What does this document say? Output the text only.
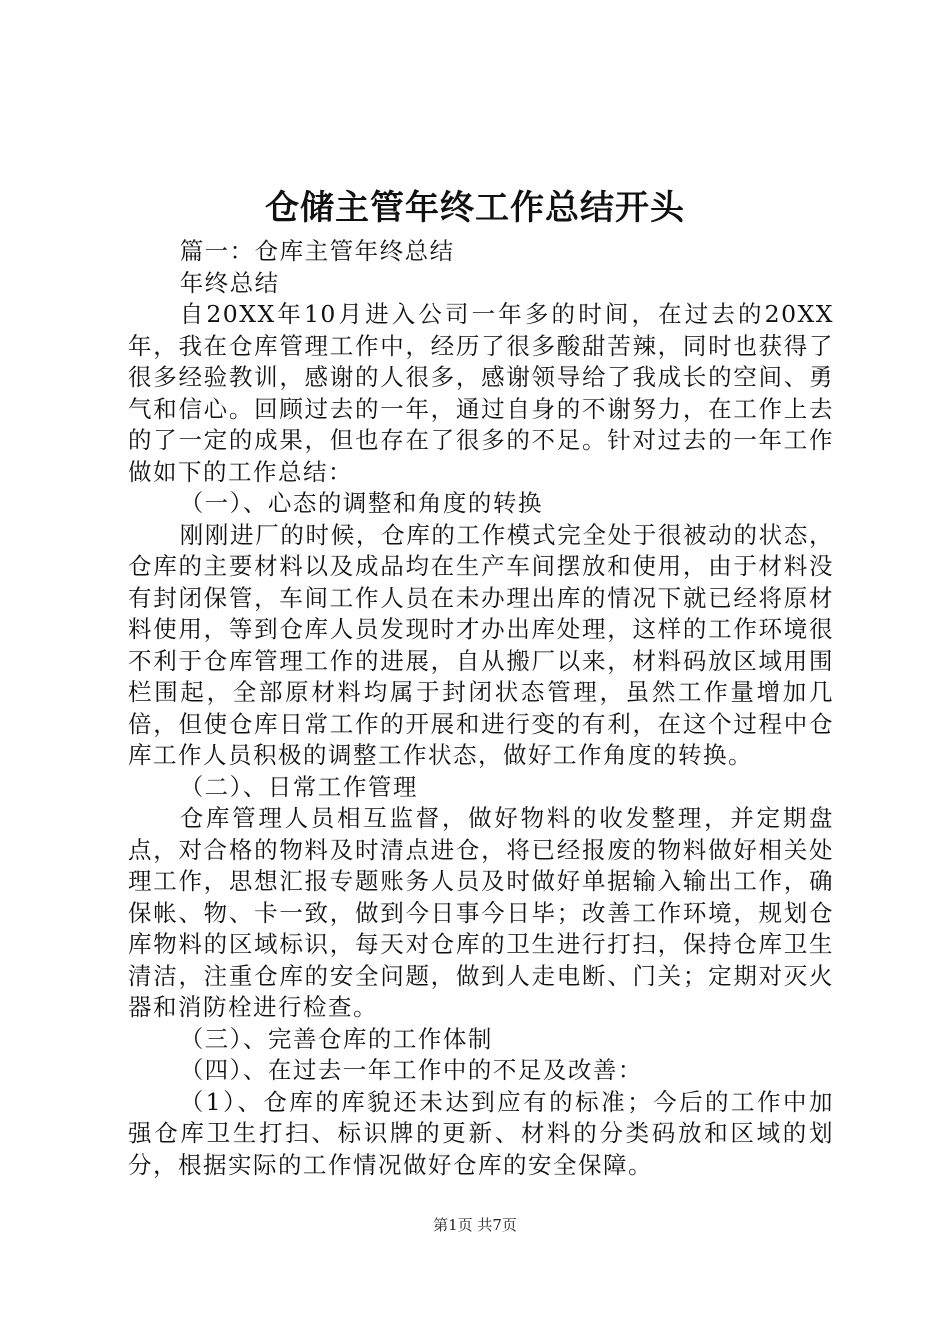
仓储主管年终工作总结开头

篇一：仓库主管年终总结

年终总结

自20XX年10月进入公司一年多的时间，在过去的20XX年，我在仓库管理工作中，经历了很多酸甜苦辣，同时也获得了很多经验教训，感谢的人很多，感谢领导给了我成长的空间、勇气和信心。回顾过去的一年，通过自身的不谢努力，在工作上去的了一定的成果，但也存在了很多的不足。针对过去的一年工作做如下的工作总结：

（一）、心态的调整和角度的转换

刚刚进厂的时候，仓库的工作模式完全处于很被动的状态，仓库的主要材料以及成品均在生产车间摆放和使用，由于材料没有封闭保管，车间工作人员在未办理出库的情况下就已经将原材料使用，等到仓库人员发现时才办出库处理，这样的工作环境很不利于仓库管理工作的进展，自从搬厂以来，材料码放区域用围栏围起，全部原材料均属于封闭状态管理，虽然工作量增加几倍，但使仓库日常工作的开展和进行变的有利，在这个过程中仓库工作人员积极的调整工作状态，做好工作角度的转换。

（二）、日常工作管理

仓库管理人员相互监督，做好物料的收发整理，并定期盘点，对合格的物料及时清点进仓，将已经报废的物料做好相关处理工作，思想汇报专题账务人员及时做好单据输入输出工作，确保帐、物、卡一致，做到今日事今日毕；改善工作环境，规划仓库物料的区域标识，每天对仓库的卫生进行打扫，保持仓库卫生清洁，注重仓库的安全问题，做到人走电断、门关；定期对灭火器和消防栓进行检查。

（三）、完善仓库的工作体制

（四）、在过去一年工作中的不足及改善：

（1）、仓库的库貌还未达到应有的标准；今后的工作中加强仓库卫生打扫、标识牌的更新、材料的分类码放和区域的划分，根据实际的工作情况做好仓库的安全保障。

第1页 共7页
